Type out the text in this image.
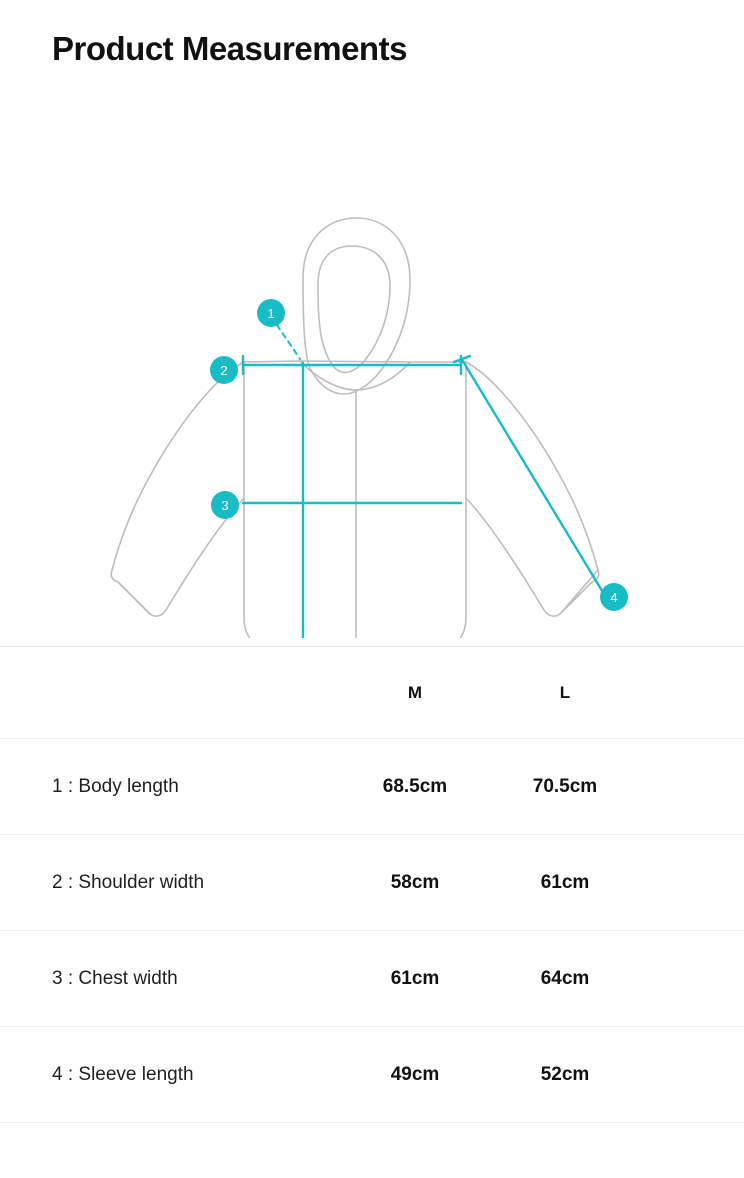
Product Measurements
1
2
3
4
	M	L	
1 : Body length	68.5cm	70.5cm	
2 : Shoulder width	58cm	61cm	
3 : Chest width	61cm	64cm	
4 : Sleeve length	49cm	52cm	
